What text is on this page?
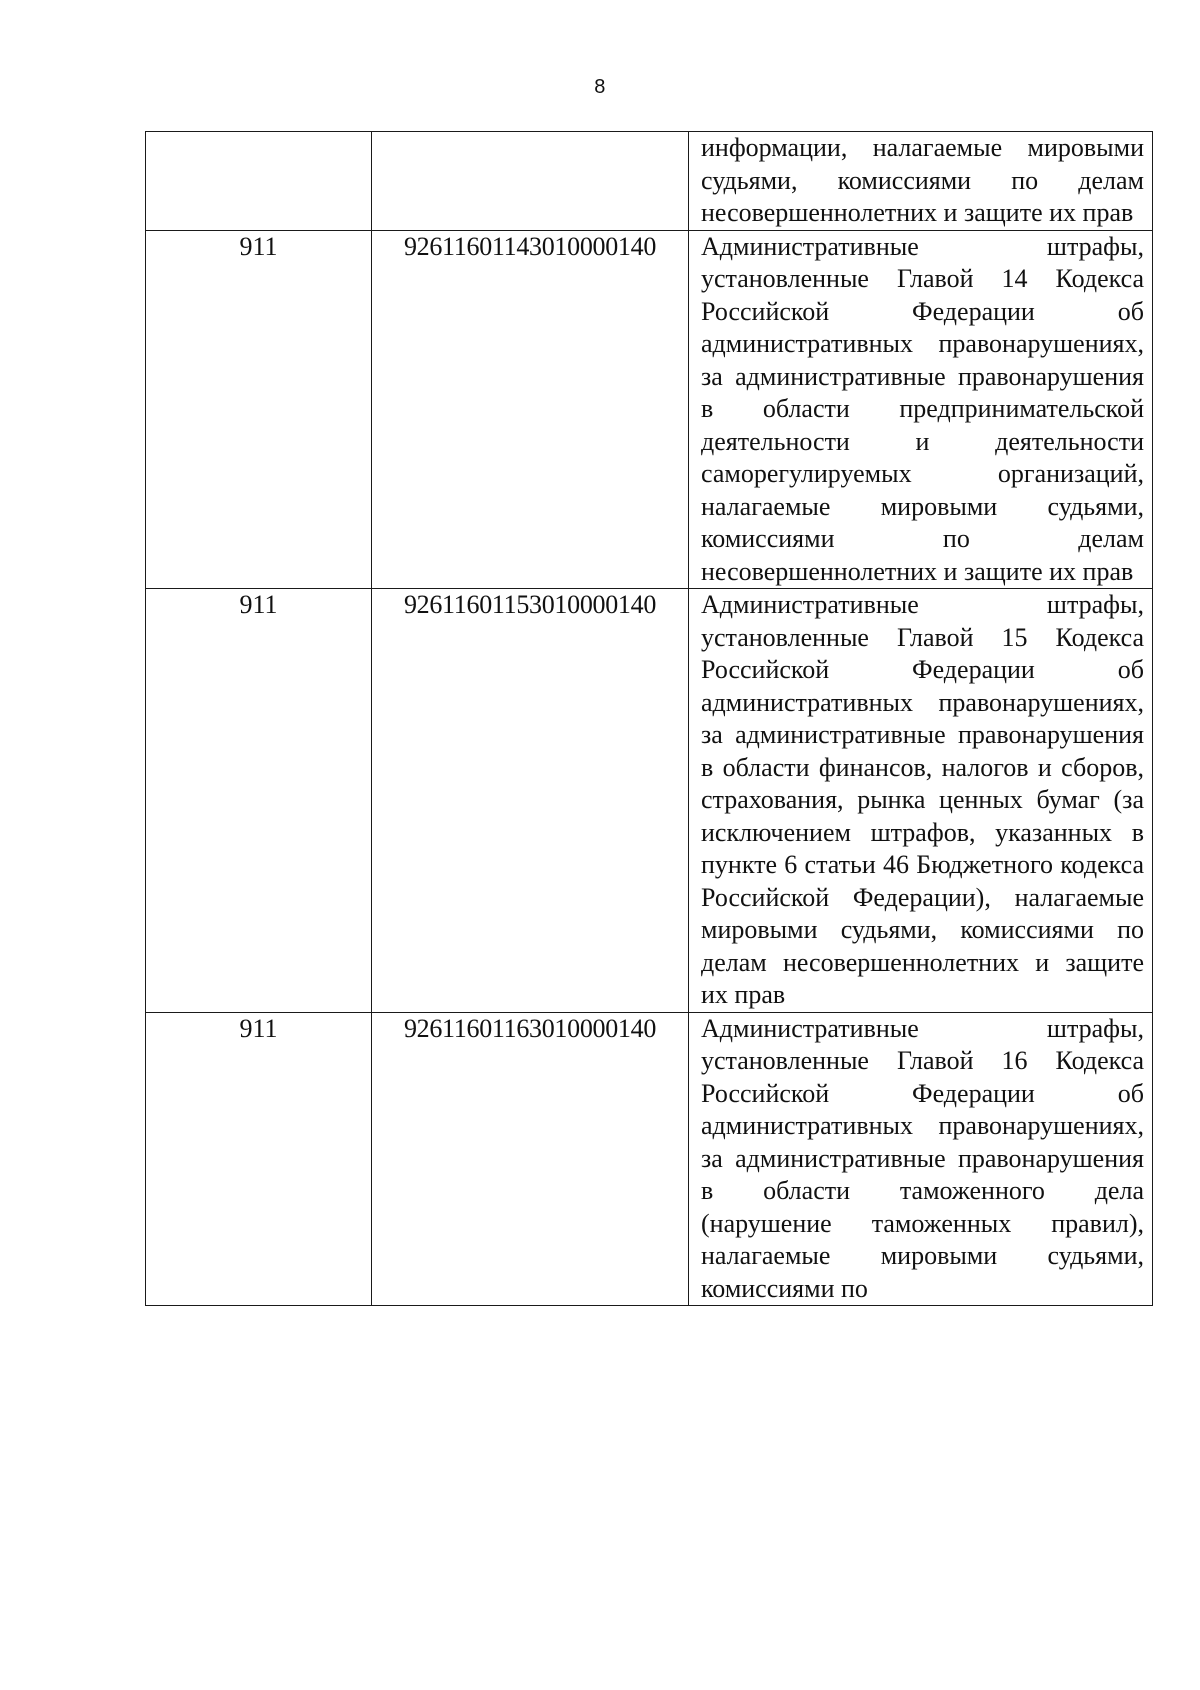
8

		информации, налагаемые мировыми судьями, комиссиями по делам несовершеннолетних и защите их прав

911	92611601143010000140	Административные штрафы, установленные Главой 14 Кодекса Российской Федерации об административных правонарушениях, за административные правонарушения в области предпринимательской деятельности и деятельности саморегулируемых организаций, налагаемые мировыми судьями, комиссиями по делам несовершеннолетних и защите их прав

911	92611601153010000140	Административные штрафы, установленные Главой 15 Кодекса Российской Федерации об административных правонарушениях, за административные правонарушения в области финансов, налогов и сборов, страхования, рынка ценных бумаг (за исключением штрафов, указанных в пункте 6 статьи 46 Бюджетного кодекса Российской Федерации), налагаемые мировыми судьями, комиссиями по делам несовершеннолетних и защите их прав

911	92611601163010000140	Административные штрафы, установленные Главой 16 Кодекса Российской Федерации об административных правонарушениях, за административные правонарушения в области таможенного дела (нарушение таможенных правил), налагаемые мировыми судьями, комиссиями по
